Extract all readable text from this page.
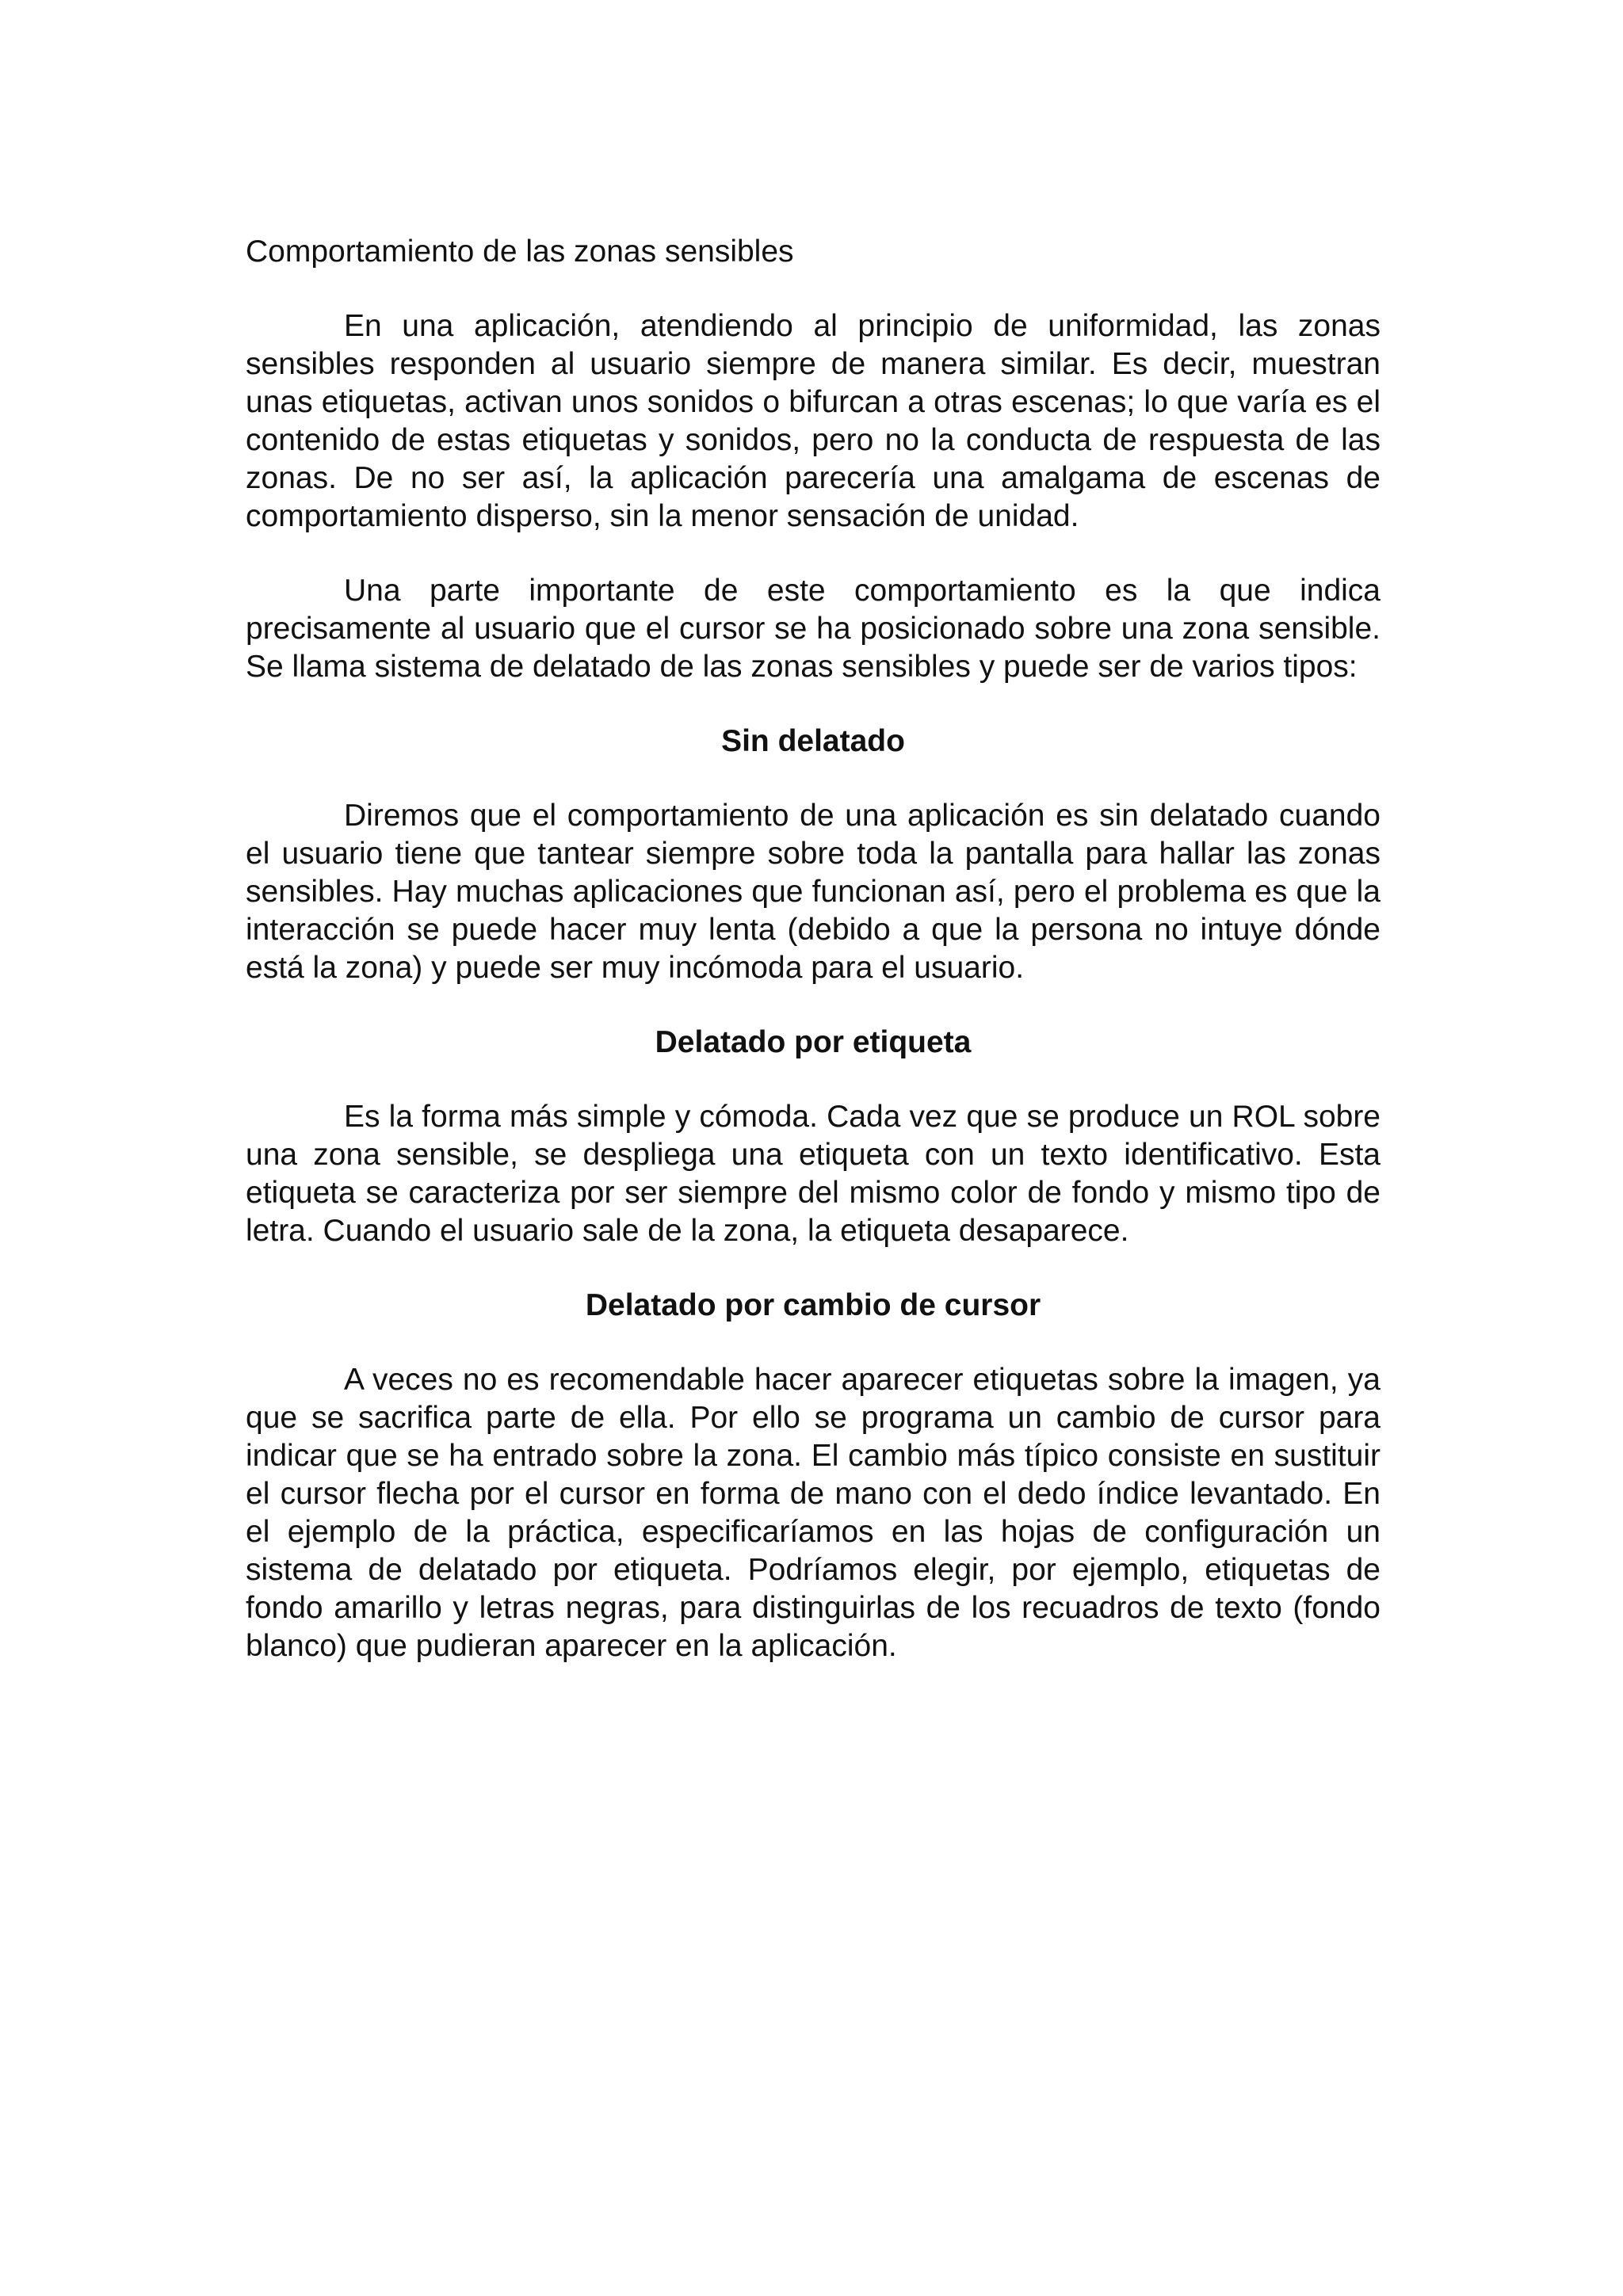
Comportamiento de las zonas sensibles

En una aplicación, atendiendo al principio de uniformidad, las zonas sensibles responden al usuario siempre de manera similar. Es decir, muestran unas etiquetas, activan unos sonidos o bifurcan a otras escenas; lo que varía es el contenido de estas etiquetas y sonidos, pero no la conducta de respuesta de las zonas. De no ser así, la aplicación parecería una amalgama de escenas de comportamiento disperso, sin la menor sensación de unidad.

Una parte importante de este comportamiento es la que indica precisamente al usuario que el cursor se ha posicionado sobre una zona sensible. Se llama sistema de delatado de las zonas sensibles y puede ser de varios tipos:

Sin delatado

Diremos que el comportamiento de una aplicación es sin delatado cuando el usuario tiene que tantear siempre sobre toda la pantalla para hallar las zonas sensibles. Hay muchas aplicaciones que funcionan así, pero el problema es que la interacción se puede hacer muy lenta (debido a que la persona no intuye dónde está la zona) y puede ser muy incómoda para el usuario.

Delatado por etiqueta

Es la forma más simple y cómoda. Cada vez que se produce un ROL sobre una zona sensible, se despliega una etiqueta con un texto identificativo. Esta etiqueta se caracteriza por ser siempre del mismo color de fondo y mismo tipo de letra. Cuando el usuario sale de la zona, la etiqueta desaparece.

Delatado por cambio de cursor

A veces no es recomendable hacer aparecer etiquetas sobre la imagen, ya que se sacrifica parte de ella. Por ello se programa un cambio de cursor para indicar que se ha entrado sobre la zona. El cambio más típico consiste en sustituir el cursor flecha por el cursor en forma de mano con el dedo índice levantado. En el ejemplo de la práctica, especificaríamos en las hojas de configuración un sistema de delatado por etiqueta. Podríamos elegir, por ejemplo, etiquetas de fondo amarillo y letras negras, para distinguirlas de los recuadros de texto (fondo blanco) que pudieran aparecer en la aplicación.
